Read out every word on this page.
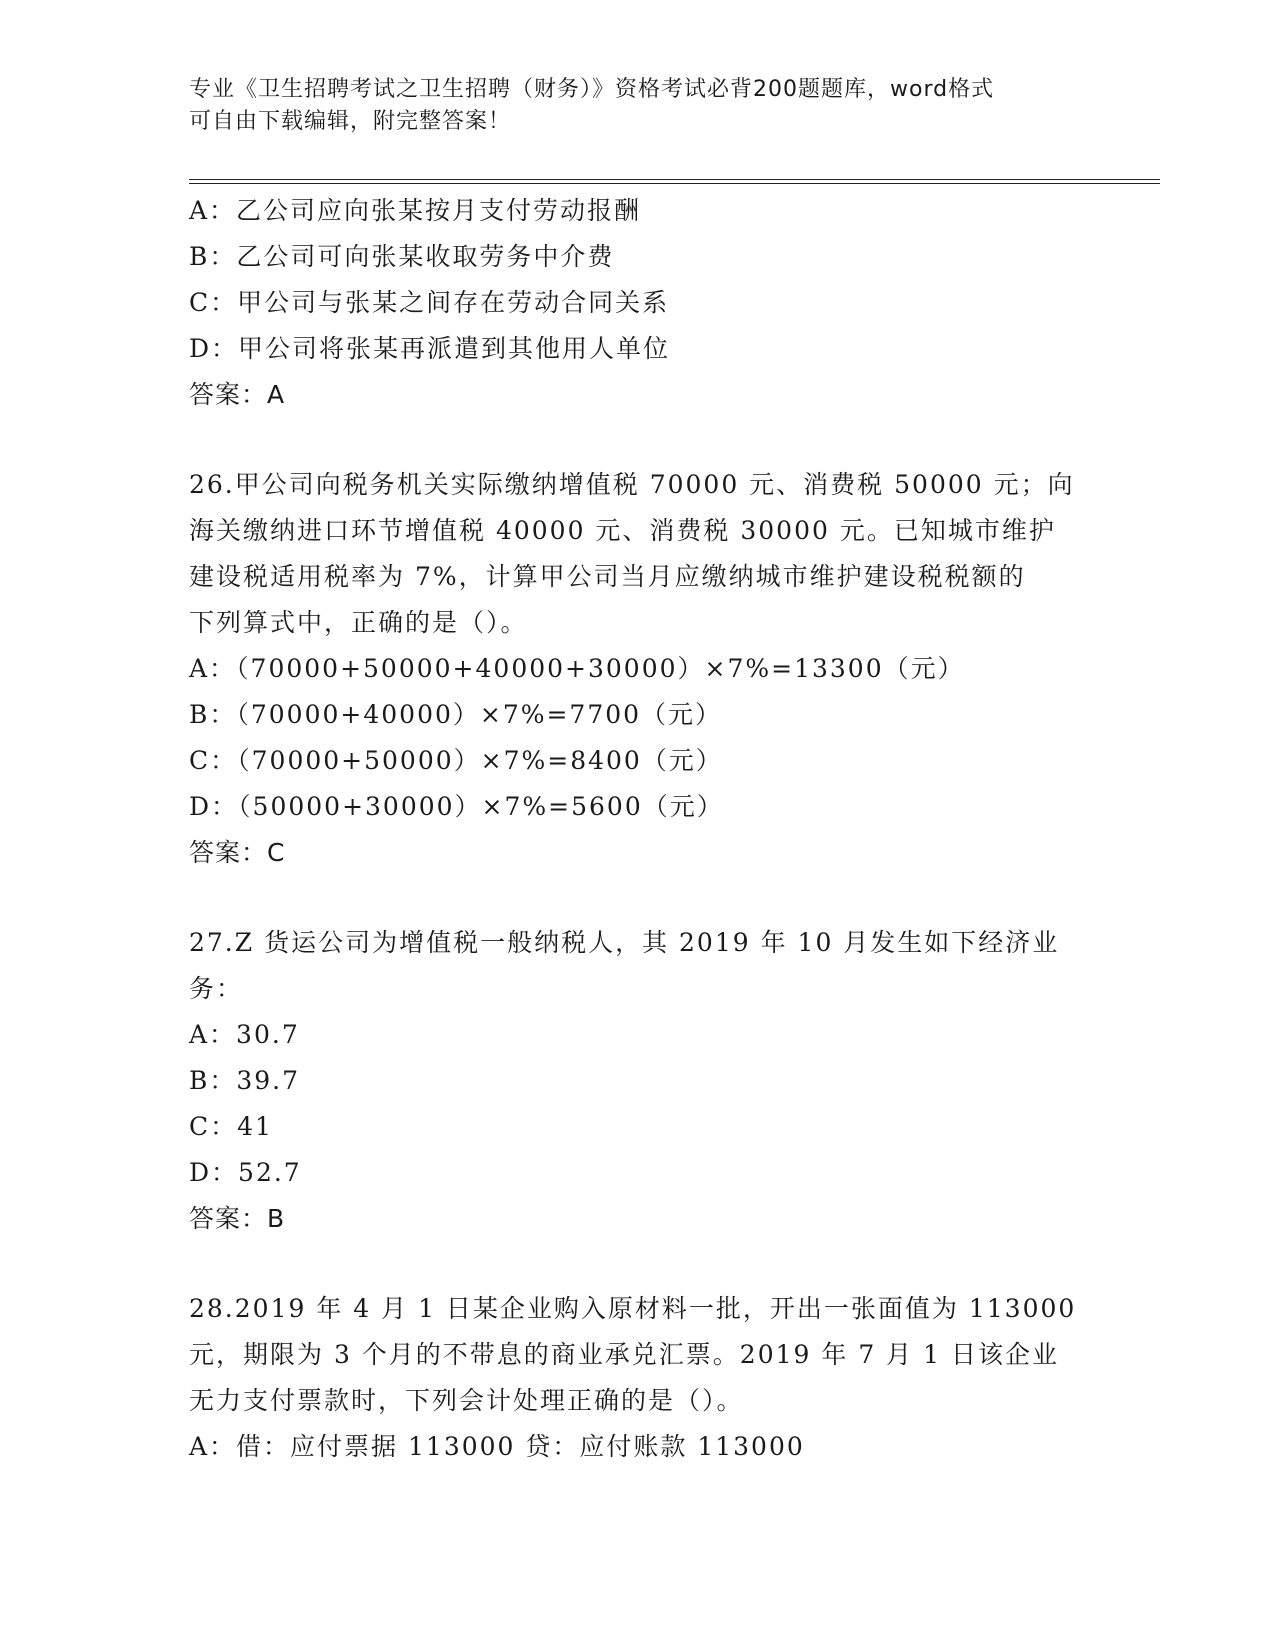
专业《卫生招聘考试之卫生招聘（财务）》资格考试必背200题题库，word格式
可自由下载编辑，附完整答案！
A：乙公司应向张某按月支付劳动报酬
B：乙公司可向张某收取劳务中介费
C：甲公司与张某之间存在劳动合同关系
D：甲公司将张某再派遣到其他用人单位
答案：A
26.甲公司向税务机关实际缴纳增值税 70000 元、消费税 50000 元；向
海关缴纳进口环节增值税 40000 元、消费税 30000 元。已知城市维护
建设税适用税率为 7%，计算甲公司当月应缴纳城市维护建设税税额的
下列算式中，正确的是（）。
A：（70000+50000+40000+30000）×7%=13300（元）
B：（70000+40000）×7%=7700（元）
C：（70000+50000）×7%=8400（元）
D：（50000+30000）×7%=5600（元）
答案：C
27.Z 货运公司为增值税一般纳税人，其 2019 年 10 月发生如下经济业
务：
A：30.7
B：39.7
C：41
D：52.7
答案：B
28.2019 年 4 月 1 日某企业购入原材料一批，开出一张面值为 113000
元，期限为 3 个月的不带息的商业承兑汇票。2019 年 7 月 1 日该企业
无力支付票款时，下列会计处理正确的是（）。
A：借：应付票据 113000 贷：应付账款 113000
